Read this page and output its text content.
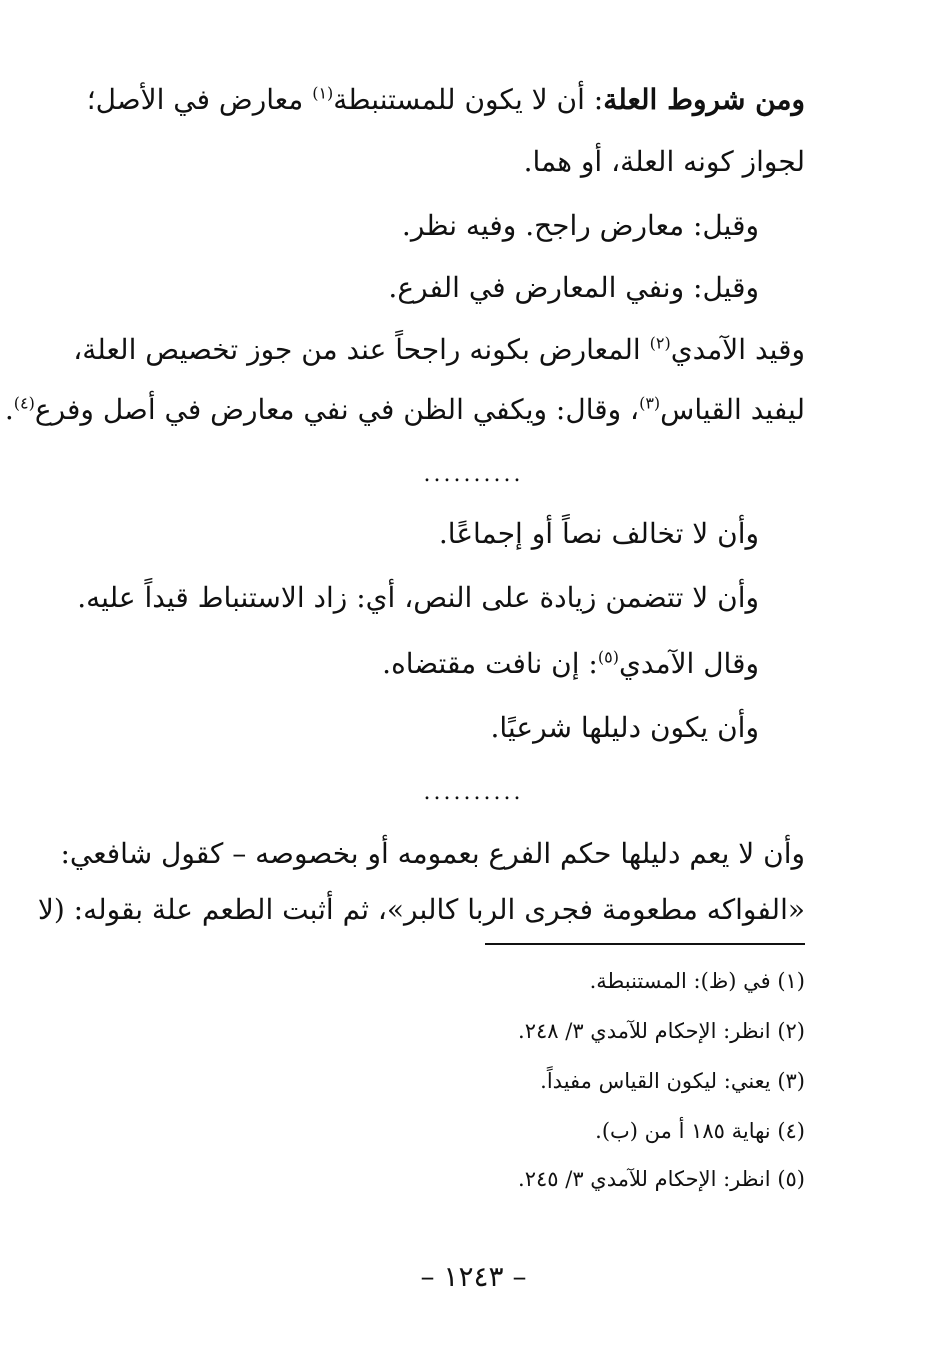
ومن شروط العلة: أن لا يكون للمستنبطة$^{(١)}$ معارض في الأصل؛
لجواز كونه العلة، أو هما.
وقيل: معارض راجح. وفيه نظر.
وقيل: ونفي المعارض في الفرع.
وقيد الآمدي$^{(٢)}$ المعارض بكونه راجحاً عند من جوز تخصيص العلة،
ليفيد القياس$^{(٣)}$، وقال: ويكفي الظن في نفي معارض في أصل وفرع$^{(٤)}$.
..........
وأن لا تخالف نصاً أو إجماعًا.
وأن لا تتضمن زيادة على النص، أي: زاد الاستنباط قيداً عليه.
وقال الآمدي$^{(٥)}$: إن نافت مقتضاه.
وأن يكون دليلها شرعيًا.
..........
وأن لا يعم دليلها حكم الفرع بعمومه أو بخصوصه – كقول شافعي:
«الفواكه مطعومة فجرى الربا كالبر»، ثم أثبت الطعم علة بقوله: (لا
(١) في (ظ): المستنبطة.
(٢) انظر: الإحكام للآمدي ٣/ ٢٤٨.
(٣) يعني: ليكون القياس مفيداً.
(٤) نهاية ١٨٥ أ من (ب).
(٥) انظر: الإحكام للآمدي ٣/ ٢٤٥.
– ١٢٤٣ –
